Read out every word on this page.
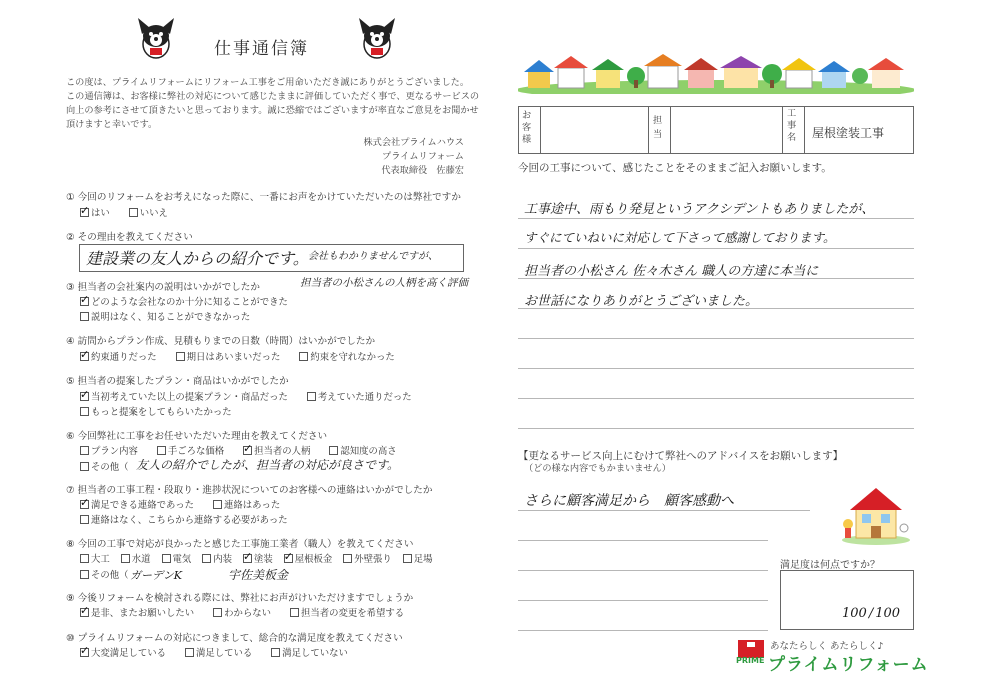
仕事通信簿
この度は、プライムリフォームにリフォーム工事をご用命いただき誠にありがとうございました。
この通信簿は、お客様に弊社の対応について感じたままに評価していただく事で、更なるサービスの
向上の参考にさせて頂きたいと思っております。誠に恐縮ではございますが率直なご意見をお聞かせ
頂けますと幸いです。
株式会社プライムハウス
プライムリフォーム
代表取締役　佐藤宏
① 今回のリフォームをお考えになった際に、一番にお声をかけていただいたのは弊社ですか
✓はい	いいえ
② その理由を教えてください
建設業の友人からの紹介です。 会社もわかりませんですが、
担当者の小松さんの人柄を高く評価
③ 担当者の会社案内の説明はいかがでしたか
✓どのような会社なのか十分に知ることができた
説明はなく、知ることができなかった
④ 訪問からプラン作成、見積もりまでの日数（時間）はいかがでしたか
✓約束通りだった	期日はあいまいだった	約束を守れなかった
⑤ 担当者の提案したプラン・商品はいかがでしたか
✓当初考えていた以上の提案プラン・商品だった	考えていた通りだった
もっと提案をしてもらいたかった
⑥ 今回弊社に工事をお任せいただいた理由を教えてください
プラン内容	手ごろな価格 ✓	担当者の人柄	認知度の高さ
その他（ 友人の紹介でしたが、担当者の対応が良さです。
⑦ 担当者の工事工程・段取り・進捗状況についてのお客様への連絡はいかがでしたか
✓満足できる連絡であった	連絡はあった
連絡はなく、こちらから連絡する必要があった
⑧ 今回の工事で対応が良かったと感じた工事施工業者（職人）を教えてください
大工 水道 電気 内装 ✓ 塗装 ✓ 屋根板金 外壁張り 足場
その他（ ガーデンK	宇佐美板金
⑨ 今後リフォームを検討される際には、弊社にお声がけいただけますでしょうか
✓是非、またお願いしたい	わからない	担当者の変更を希望する
⑩ プライムリフォームの対応につきまして、総合的な満足度を教えてください
✓大変満足している	満足している	満足していない
お客様
担当
工事名	屋根塗装工事
今回の工事について、感じたことをそのままご記入お願いします。
工事途中、雨もり発見というアクシデントもありましたが、
すぐにていねいに対応して下さって感謝しております。
担当者の小松さん 佐々木さん 職人の方達に本当に
お世話になりありがとうございました。
【更なるサービス向上にむけて弊社へのアドバイスをお願いします】
（どの様な内容でもかまいません）
さらに顧客満足から　顧客感動へ
満足度は何点ですか？
100 / 100
PRIME
あなたらしく あたらしく♪
プライムリフォーム
